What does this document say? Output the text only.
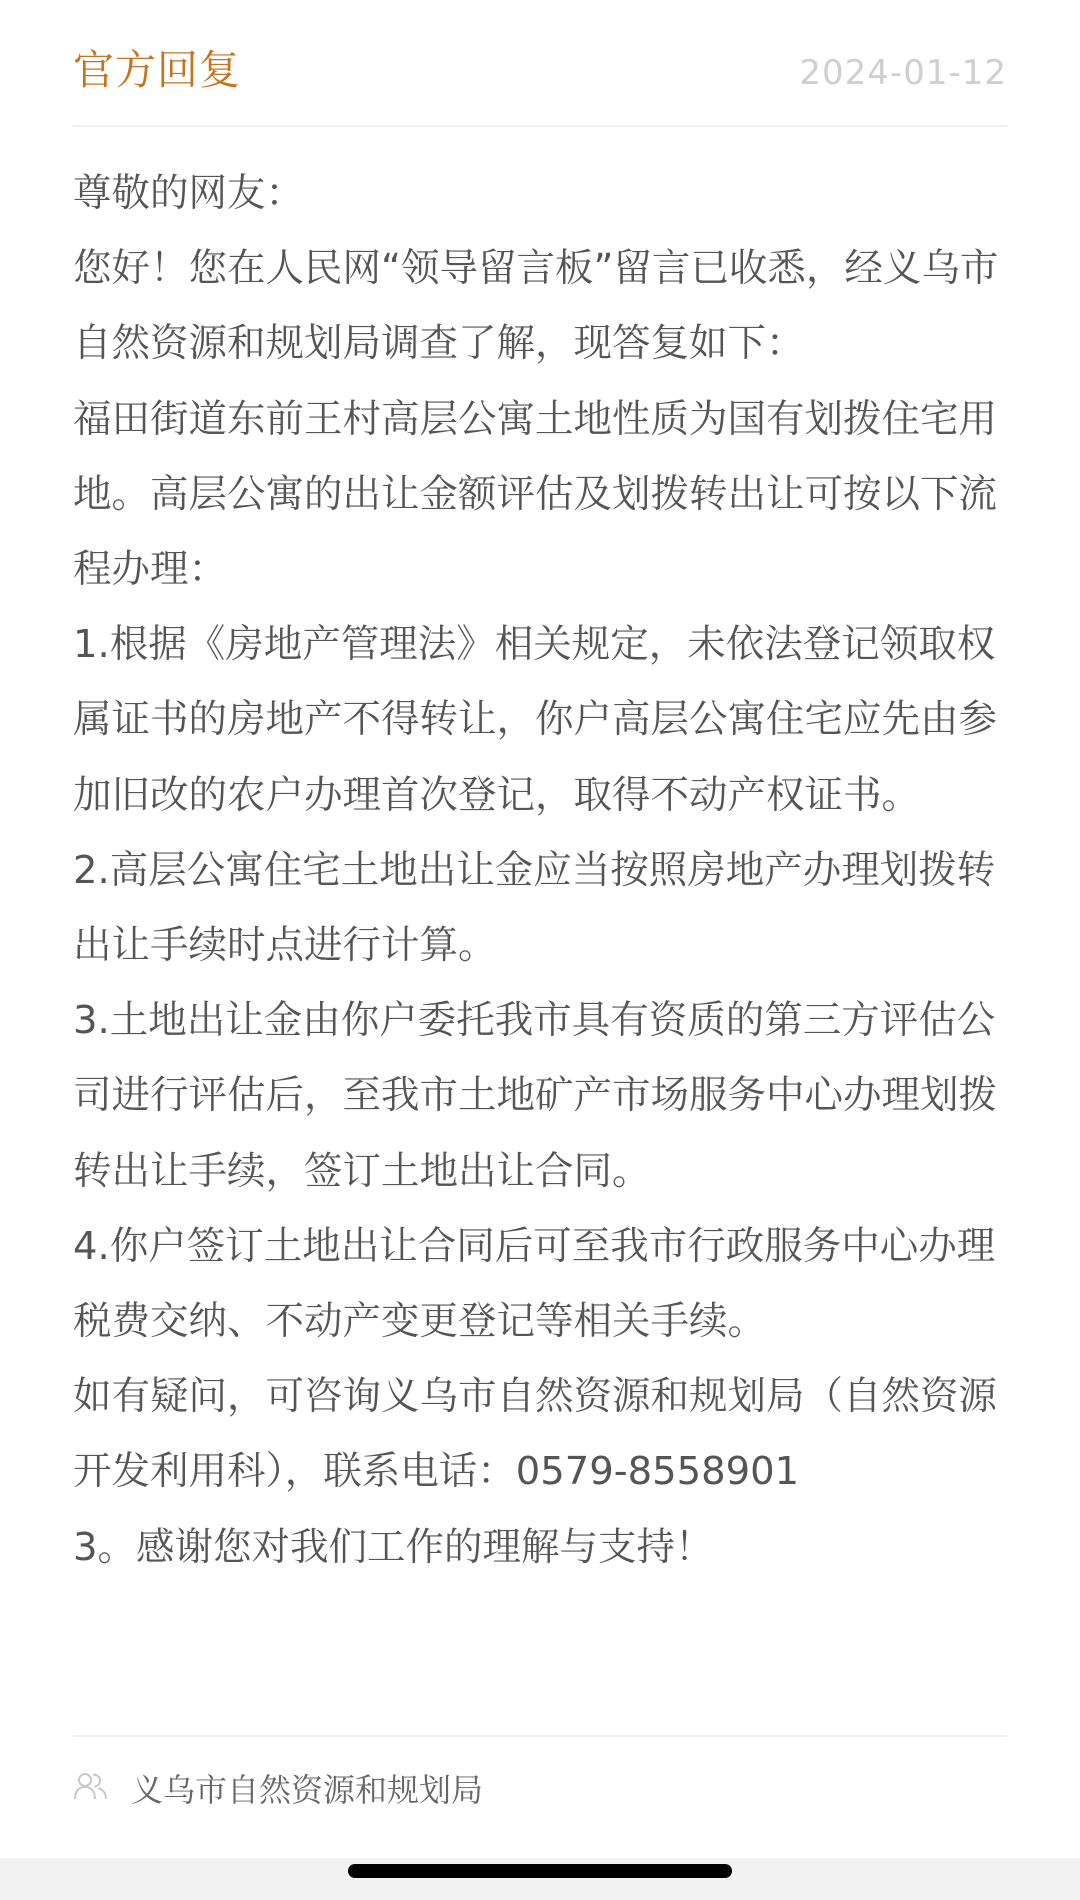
官方回复	2024-01-12

尊敬的网友：

您好！您在人民网“领导留言板”留言已收悉，经义乌市自然资源和规划局调查了解，现答复如下：

福田街道东前王村高层公寓土地性质为国有划拨住宅用地。高层公寓的出让金额评估及划拨转出让可按以下流程办理：

1.根据《房地产管理法》相关规定，未依法登记领取权属证书的房地产不得转让，你户高层公寓住宅应先由参加旧改的农户办理首次登记，取得不动产权证书。

2.高层公寓住宅土地出让金应当按照房地产办理划拨转出让手续时点进行计算。

3.土地出让金由你户委托我市具有资质的第三方评估公司进行评估后，至我市土地矿产市场服务中心办理划拨转出让手续，签订土地出让合同。

4.你户签订土地出让合同后可至我市行政服务中心办理税费交纳、不动产变更登记等相关手续。

如有疑问，可咨询义乌市自然资源和规划局（自然资源开发利用科），联系电话：0579-8558901

3。感谢您对我们工作的理解与支持！

义乌市自然资源和规划局
